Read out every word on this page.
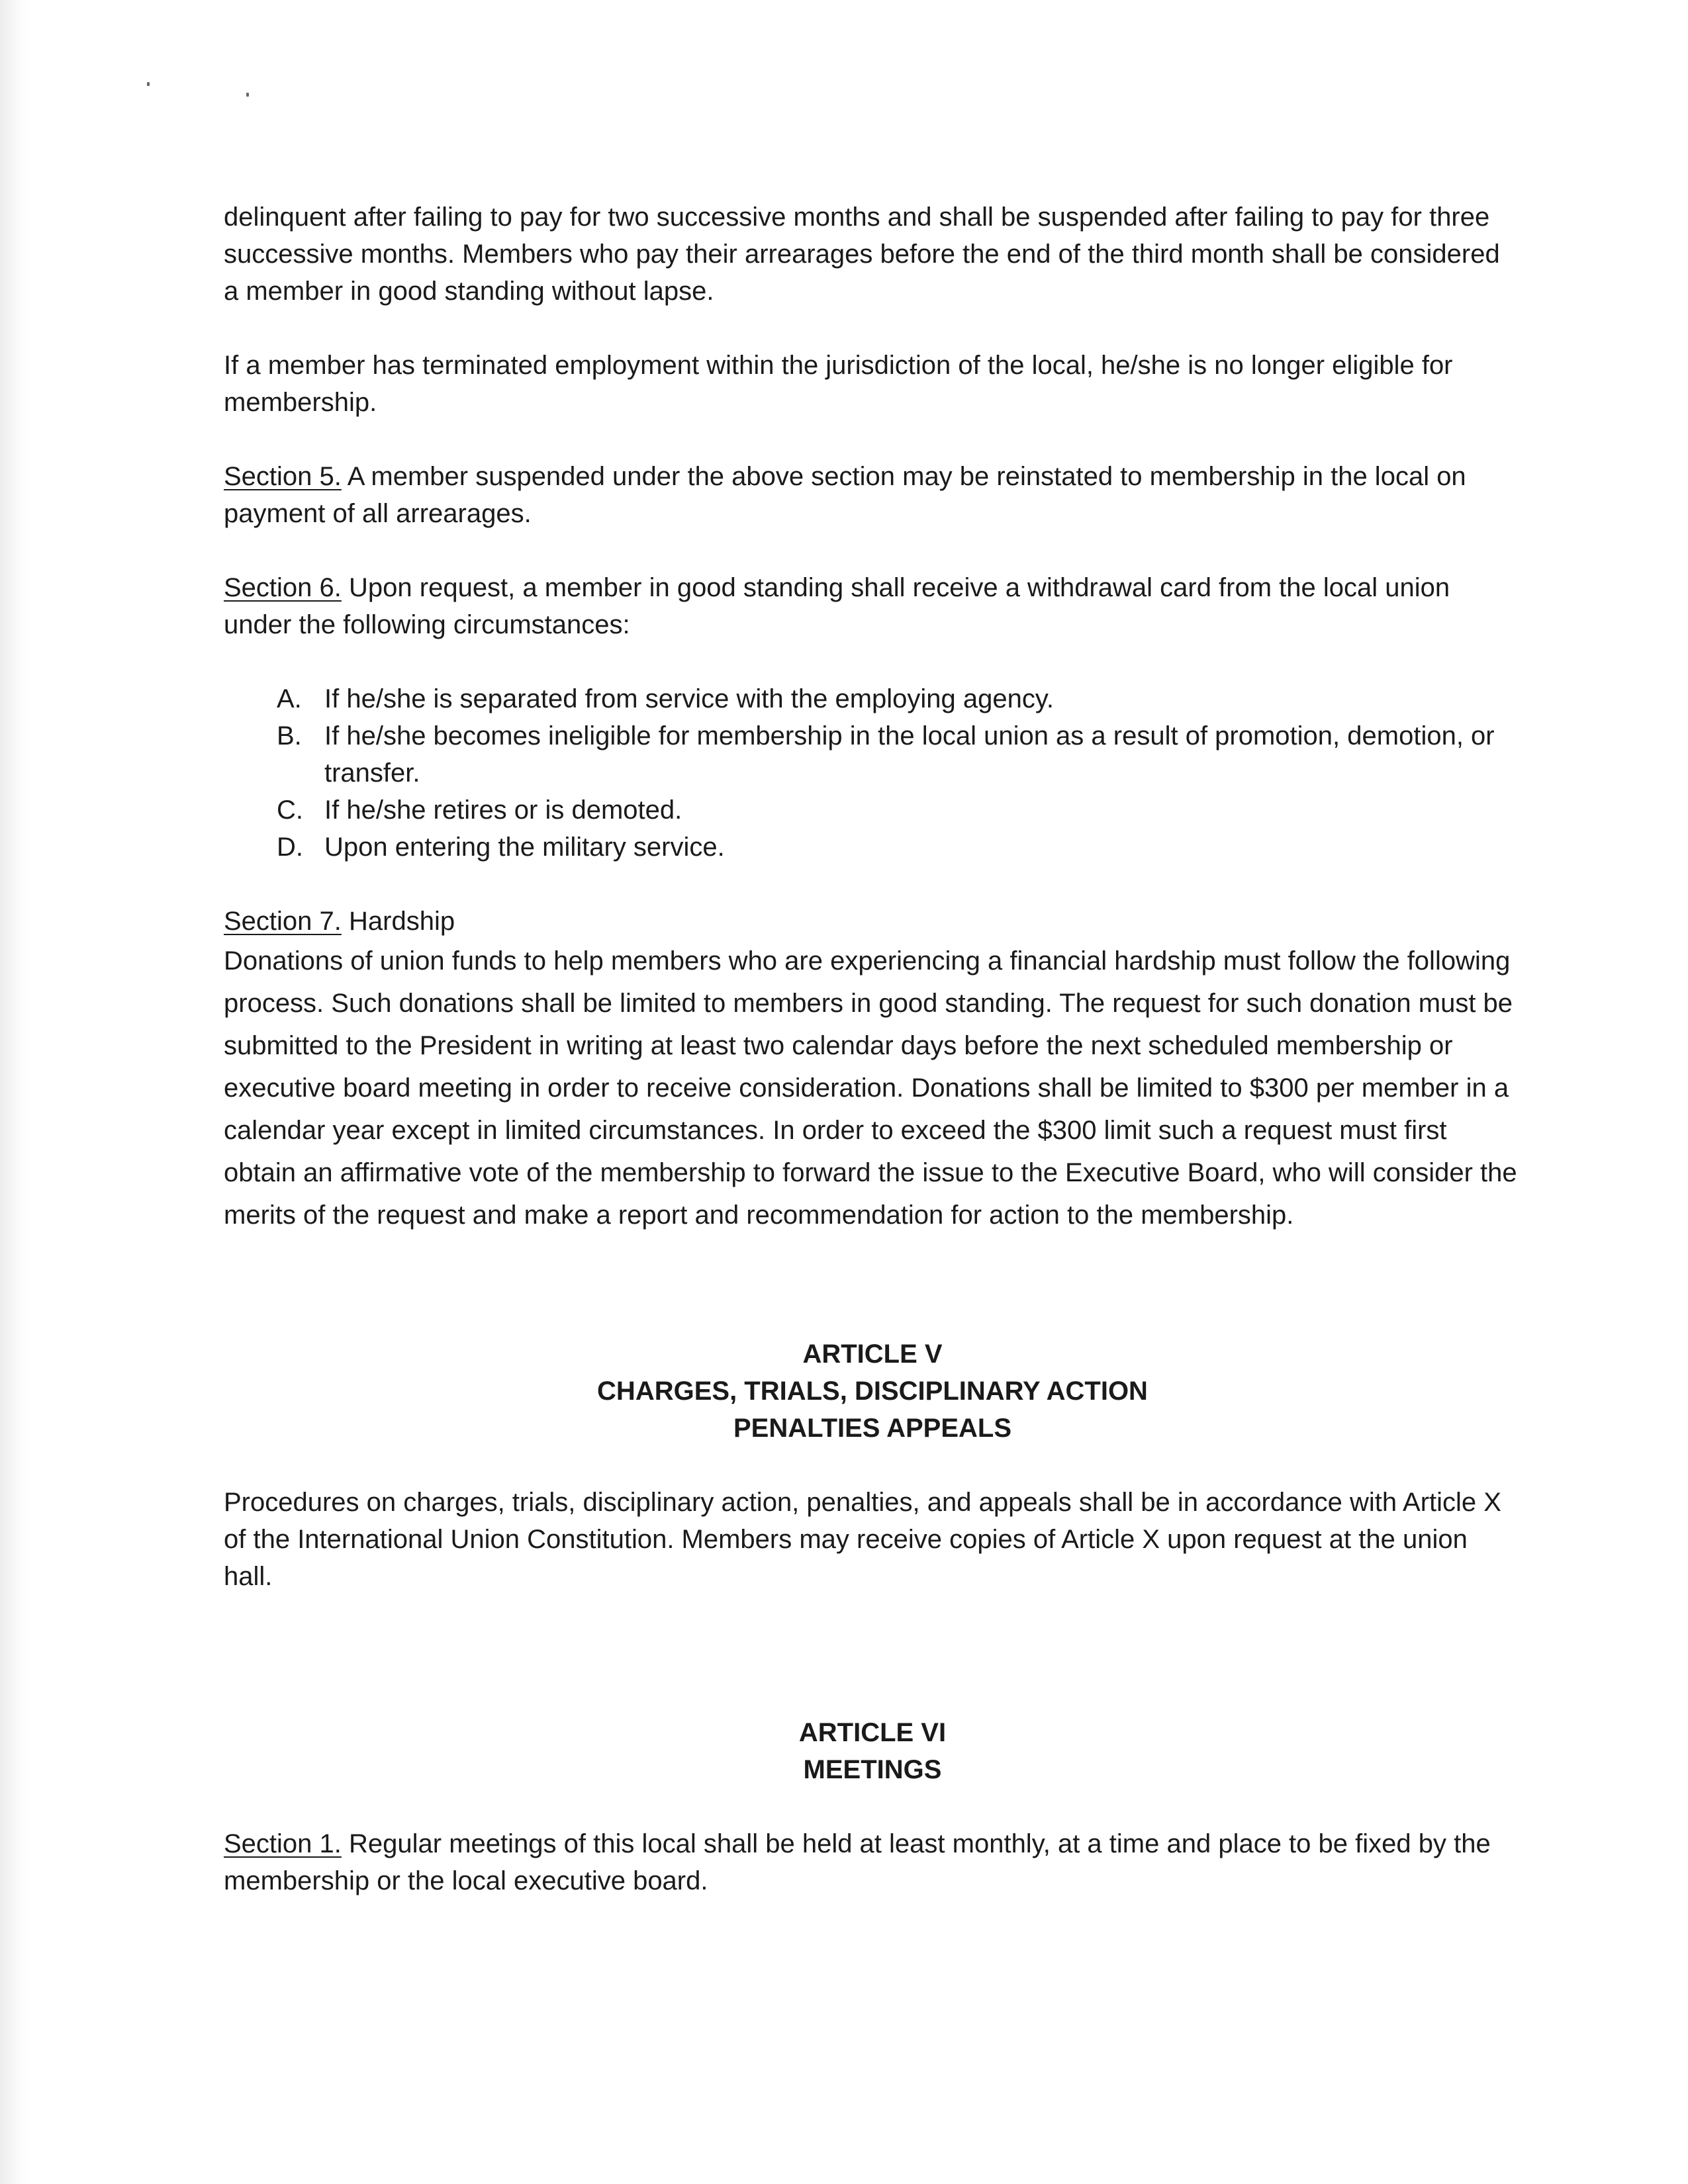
delinquent after failing to pay for two successive months and shall be suspended after failing to pay for three successive months. Members who pay their arrearages before the end of the third month shall be considered a member in good standing without lapse.

If a member has terminated employment within the jurisdiction of the local, he/she is no longer eligible for membership.

Section 5. A member suspended under the above section may be reinstated to membership in the local on payment of all arrearages.

Section 6. Upon request, a member in good standing shall receive a withdrawal card from the local union under the following circumstances:

A. If he/she is separated from service with the employing agency.
B. If he/she becomes ineligible for membership in the local union as a result of promotion, demotion, or transfer.
C. If he/she retires or is demoted.
D. Upon entering the military service.

Section 7. Hardship

Donations of union funds to help members who are experiencing a financial hardship must follow the following process. Such donations shall be limited to members in good standing. The request for such donation must be submitted to the President in writing at least two calendar days before the next scheduled membership or executive board meeting in order to receive consideration. Donations shall be limited to $300 per member in a calendar year except in limited circumstances. In order to exceed the $300 limit such a request must first obtain an affirmative vote of the membership to forward the issue to the Executive Board, who will consider the merits of the request and make a report and recommendation for action to the membership.

ARTICLE V
CHARGES, TRIALS, DISCIPLINARY ACTION
PENALTIES APPEALS

Procedures on charges, trials, disciplinary action, penalties, and appeals shall be in accordance with Article X of the International Union Constitution. Members may receive copies of Article X upon request at the union hall.

ARTICLE VI
MEETINGS

Section 1. Regular meetings of this local shall be held at least monthly, at a time and place to be fixed by the membership or the local executive board.
